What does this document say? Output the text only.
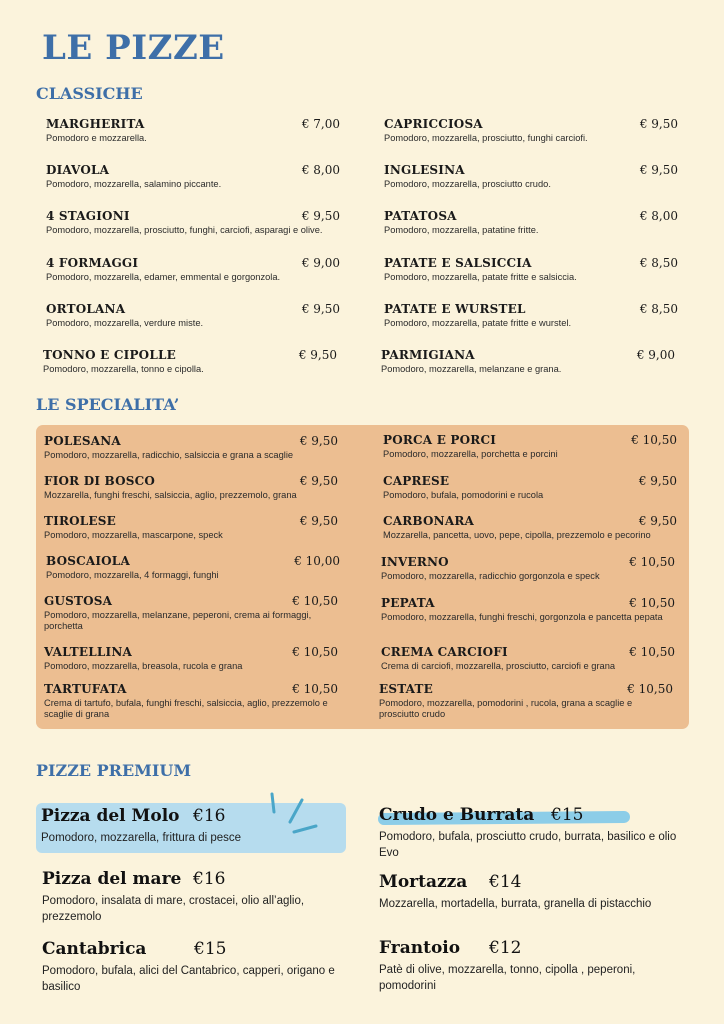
LE PIZZE
CLASSICHE
MARGHERITA	€ 7,00
Pomodoro e mozzarella.
DIAVOLA	€ 8,00
Pomodoro, mozzarella, salamino piccante.
4 STAGIONI	€ 9,50
Pomodoro, mozzarella, prosciutto, funghi, carciofi, asparagi e olive.
4 FORMAGGI	€ 9,00
Pomodoro, mozzarella, edamer, emmental e gorgonzola.
ORTOLANA	€ 9,50
Pomodoro, mozzarella, verdure miste.
TONNO E CIPOLLE	€ 9,50
Pomodoro, mozzarella, tonno e cipolla.
CAPRICCIOSA	€ 9,50
Pomodoro, mozzarella, prosciutto, funghi carciofi.
INGLESINA	€ 9,50
Pomodoro, mozzarella, prosciutto crudo.
PATATOSA	€ 8,00
Pomodoro, mozzarella, patatine fritte.
PATATE E SALSICCIA	€ 8,50
Pomodoro, mozzarella, patate fritte e salsiccia.
PATATE E WURSTEL	€ 8,50
Pomodoro, mozzarella, patate fritte e wurstel.
PARMIGIANA	€ 9,00
Pomodoro, mozzarella, melanzane e grana.
LE SPECIALITA’
POLESANA	€ 9,50
Pomodoro, mozzarella, radicchio, salsiccia e grana a scaglie
FIOR DI BOSCO	€ 9,50
Mozzarella, funghi freschi, salsiccia, aglio, prezzemolo, grana
TIROLESE	€ 9,50
Pomodoro, mozzarella, mascarpone, speck
BOSCAIOLA	€ 10,00
Pomodoro, mozzarella, 4 formaggi, funghi
GUSTOSA	€ 10,50
Pomodoro, mozzarella, melanzane, peperoni, crema ai formaggi, porchetta
VALTELLINA	€ 10,50
Pomodoro, mozzarella, breasola, rucola e grana
TARTUFATA	€ 10,50
Crema di tartufo, bufala, funghi freschi, salsiccia, aglio, prezzemolo e scaglie di grana
PORCA E PORCI	€ 10,50
Pomodoro, mozzarella, porchetta e porcini
CAPRESE	€ 9,50
Pomodoro, bufala, pomodorini e rucola
CARBONARA	€ 9,50
Mozzarella, pancetta, uovo, pepe, cipolla, prezzemolo e pecorino
INVERNO	€ 10,50
Pomodoro, mozzarella, radicchio gorgonzola e speck
PEPATA	€ 10,50
Pomodoro, mozzarella, funghi freschi, gorgonzola e pancetta pepata
CREMA CARCIOFI	€ 10,50
Crema di carciofi, mozzarella, prosciutto, carciofi e grana
ESTATE	€ 10,50
Pomodoro, mozzarella, pomodorini , rucola, grana a scaglie e prosciutto crudo
PIZZE PREMIUM
Pizza del Molo €16
Pomodoro, mozzarella, frittura di pesce
Pizza del mare €16
Pomodoro, insalata di mare, crostacei, olio all’aglio, prezzemolo
Cantabrica	€15
Pomodoro, bufala, alici del Cantabrico, capperi, origano e basilico
Crudo e Burrata €15
Pomodoro, bufala, prosciutto crudo, burrata, basilico e olio Evo
Mortazza €14
Mozzarella, mortadella, burrata, granella di pistacchio
Frantoio €12
Patè di olive, mozzarella, tonno, cipolla , peperoni, pomodorini
